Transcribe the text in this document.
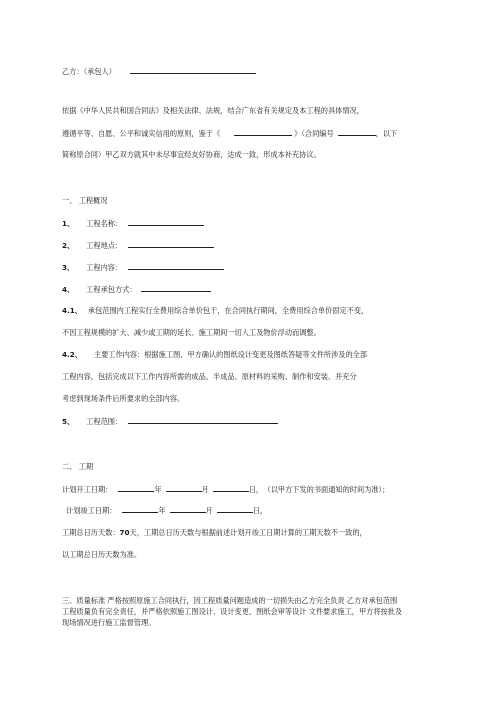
乙方：（承包人）
依据《中华人民共和国合同法》及相关法律、法规，结合广东省有关规定及本工程的具体情况，
遵循平等、自愿、公平和诚实信用的原则，鉴于《	》（合同编号	，以下
简称原合同）甲乙双方就其中未尽事宜经友好协商，达成一致，形成本补充协议。
一、 工程概况
1、 工程名称：
2、 工程地点：
3、 工程内容：
4、 工程承包方式：
4.1、 承包范围内工程实行全费用综合单价包干，在合同执行期间，全费用综合单价固定不变，
不因工程规模的扩大、减少或工期的延长、施工期间一切人工及物价浮动而调整。
4.2、 主要工作内容：根据施工图、甲方确认的图纸设计变更及图纸答疑等文件所涉及的全部
工程内容，包括完成以下工作内容所需的成品、半成品、原材料的采购、制作和安装、并充分
考虑到现场条件后所要求的全部内容。
5、 工程范围：
二、 工期
计划开工日期：	年	月	日， （以甲方下发的书面通知的时间为准）；
计划竣工日期：	年	月	日，
工期总日历天数：70天，工期总日历天数与根据前述计划开竣工日期计算的工期天数不一致的，
以工期总日历天数为准。
三、质量标准 严格按照原施工合同执行，因工程质量问题造成的一切损失由乙方完全负责 乙方对承包范围
工程质量负有完全责任，并严格依照施工图设计、设计变更、图纸会审等设计 文件要求施工，甲方将按批及
现场情况进行施工监督管理。
